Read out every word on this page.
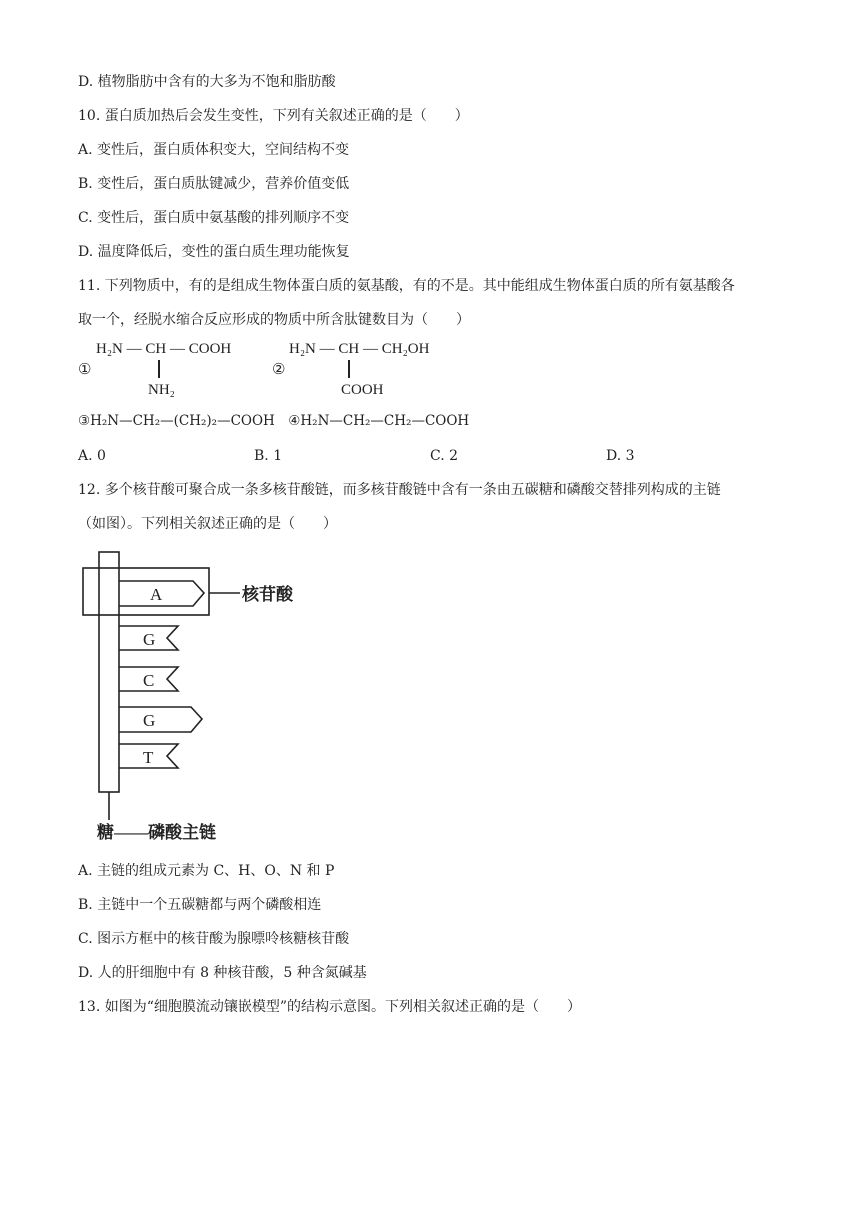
D. 植物脂肪中含有的大多为不饱和脂肪酸
10. 蛋白质加热后会发生变性，下列有关叙述正确的是（　　）
A. 变性后，蛋白质体积变大，空间结构不变
B. 变性后，蛋白质肽键减少，营养价值变低
C. 变性后，蛋白质中氨基酸的排列顺序不变
D. 温度降低后，变性的蛋白质生理功能恢复
11. 下列物质中，有的是组成生物体蛋白质的氨基酸，有的不是。其中能组成生物体蛋白质的所有氨基酸各
取一个，经脱水缩合反应形成的物质中所含肽键数目为（　　）
①
H₂N — CH — COOH
NH₂
②
H₂N — CH — CH₂OH
COOH
③H₂N—CH₂—(CH₂)₂—COOH　④H₂N—CH₂—CH₂—COOH
A. 0	B. 1	C. 2	D. 3
12. 多个核苷酸可聚合成一条多核苷酸链，而多核苷酸链中含有一条由五碳糖和磷酸交替排列构成的主链
（如图）。下列相关叙述正确的是（　　）
A
G
C
G
T
核苷酸
糖——磷酸主链
A. 主链的组成元素为 C、H、O、N 和 P
B. 主链中一个五碳糖都与两个磷酸相连
C. 图示方框中的核苷酸为腺嘌呤核糖核苷酸
D. 人的肝细胞中有 8 种核苷酸，5 种含氮碱基
13. 如图为“细胞膜流动镶嵌模型”的结构示意图。下列相关叙述正确的是（　　）
